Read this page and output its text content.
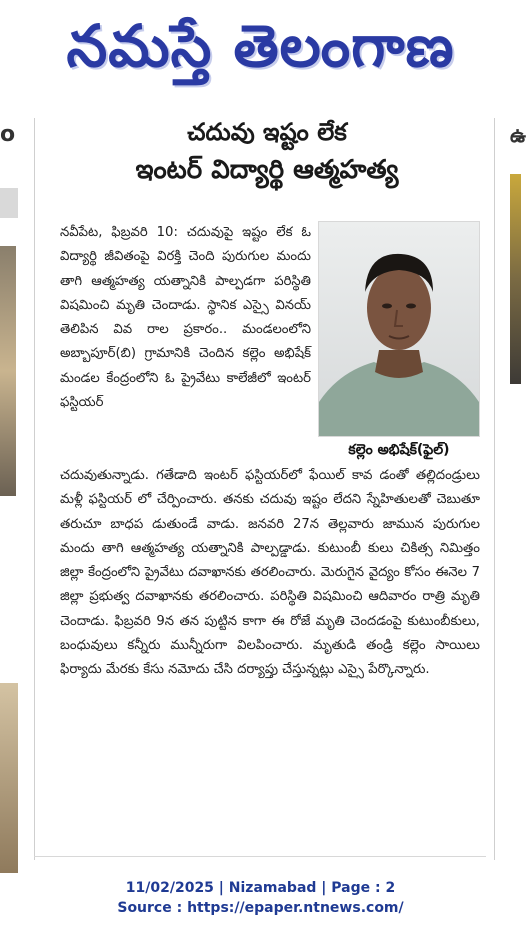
నమస్తే తెలంగాణ
o	ఉ
చదువు ఇష్టం లేక
ఇంటర్ విద్యార్థి ఆత్మహత్య
కల్లెం అభిషేక్(ఫైల్)
నవీపేట, ఫిబ్రవరి 10: చదువుపై ఇష్టం లేక ఓ విద్యార్థి జీవితంపై విరక్తి చెంది పురుగుల మందు తాగి ఆత్మహత్య యత్నానికి పాల్పడగా పరిస్థితి విషమించి మృతి చెందాడు. స్థానిక ఎస్సై వినయ్ తెలిపిన వివ రాల ప్రకారం.. మండలంలోని అబ్బాపూర్(బి) గ్రామానికి చెందిన కల్లెం అభిషేక్ మండల కేంద్రంలోని ఓ ప్రైవేటు కాలేజీలో ఇంటర్ ఫస్టియర్
చదువుతున్నాడు. గతేడాది ఇంటర్ ఫస్టియర్‌లో ఫేయిల్ కావ డంతో తల్లిదండ్రులు మళ్లీ ఫస్టియర్ లో చేర్పించారు. తనకు చదువు ఇష్టం లేదని స్నేహితులతో చెబుతూ తరుచూ బాధప డుతుండే వాడు. జనవరి 27న తెల్లవారు జామున పురుగుల మందు తాగి ఆత్మహత్య యత్నానికి పాల్పడ్డాడు. కుటుంబీ కులు చికిత్స నిమిత్తం జిల్లా కేంద్రంలోని ప్రైవేటు దవాఖానకు తరలించారు. మెరుగైన వైద్యం కోసం ఈనెల 7 జిల్లా ప్రభుత్వ దవాఖానకు తరలించారు. పరిస్థితి విషమించి ఆదివారం రాత్రి మృతి చెందాడు. ఫిబ్రవరి 9న తన పుట్టిన కాగా ఈ రోజే మృతి చెందడంపై కుటుంబీకులు, బంధువులు కన్నీరు మున్నీరుగా విలపించారు. మృతుడి తండ్రి కల్లెం సాయిలు ఫిర్యాదు మేరకు కేసు నమోదు చేసి దర్యాప్తు చేస్తున్నట్లు ఎస్సై పేర్కొన్నారు.
11/02/2025 | Nizamabad | Page : 2
Source : https://epaper.ntnews.com/
